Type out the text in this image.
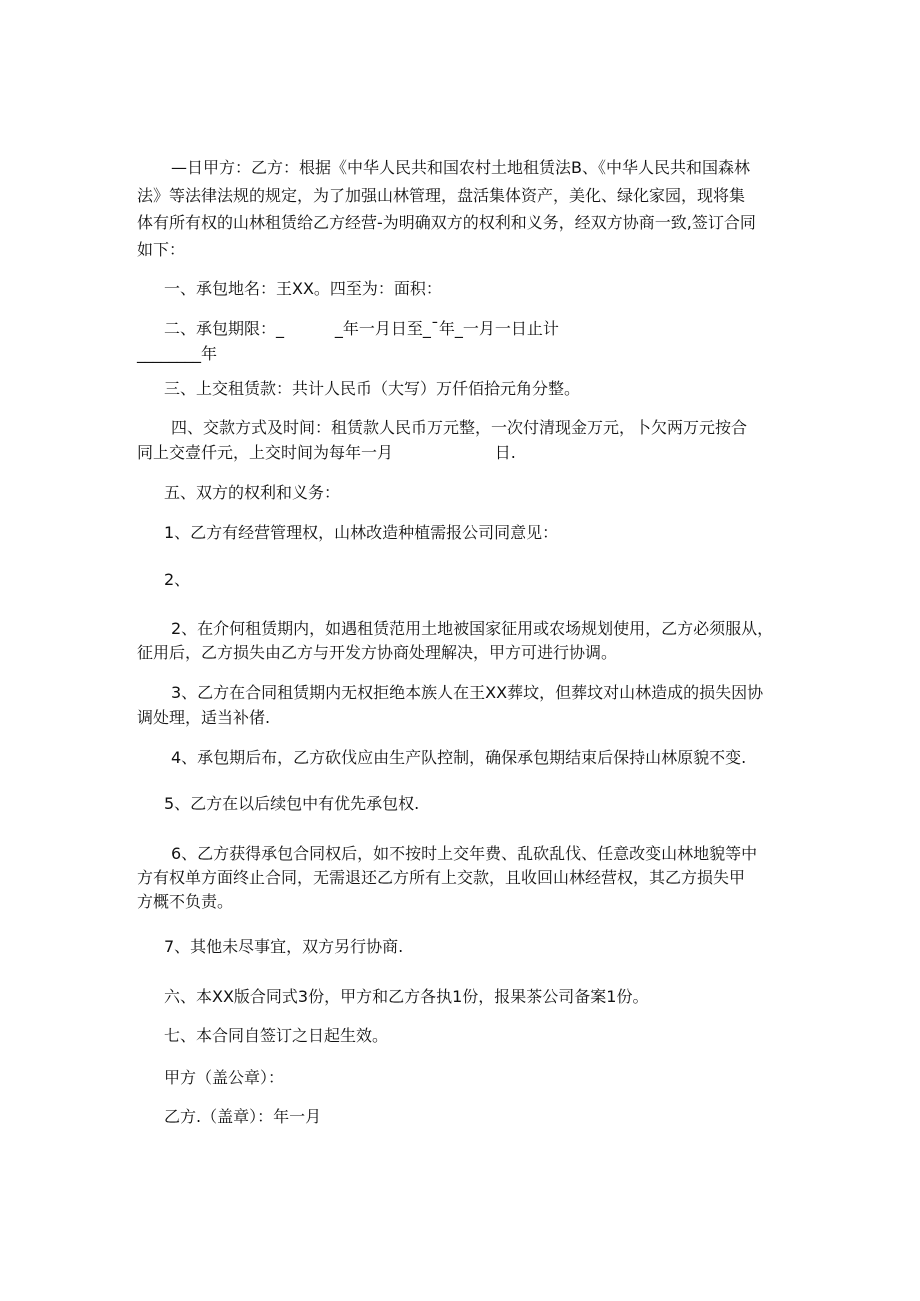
—日甲方：乙方：根据《中华人民共和国农村土地租赁法B、《中华人民共和国森林
法》等法律法规的规定，为了加强山林管理，盘活集体资产，美化、绿化家园，现将集
体有所有权的山林租赁给乙方经营-为明确双方的权利和义务，经双方协商一致,签订合同
如下：
一、承包地名：王XX。四至为：面积：
二、承包期限：_          _年一月日至_ˉ年_一月一日止计
________年
三、上交租赁款：共计人民币（大写）万仟佰拾元角分整。
四、交款方式及时间：租赁款人民币万元整，一次付清现金万元，卜欠两万元按合
同上交壹仟元，上交时间为每年一月                    日.
五、双方的权利和义务：
1、乙方有经营管理权，山林改造种植需报公司同意见：
2、
2、在介何租赁期内，如遇租赁范用土地被国家征用或农场规划使用，乙方必须服从，
征用后，乙方损失由乙方与开发方协商处理解决，甲方可进行协调。
3、乙方在合同租赁期内无权拒绝本族人在王XX葬坟，但葬坟对山林造成的损失因协
调处理，适当补偖.
4、承包期后布，乙方砍伐应由生产队控制，确保承包期结束后保持山林原貌不变.
5、乙方在以后续包中有优先承包权.
6、乙方获得承包合同权后，如不按时上交年费、乱砍乱伐、任意改变山林地貌等中
方有权单方面终止合同，无需退还乙方所有上交款，且收回山林经营权，其乙方损失甲
方概不负责。
7、其他未尽事宜，双方另行协商.
六、本XX版合同式3份，甲方和乙方各执1份，报果茶公司备案1份。
七、本合同自签订之日起生效。
甲方（盖公章）：
乙方.（盖章）：年一月
